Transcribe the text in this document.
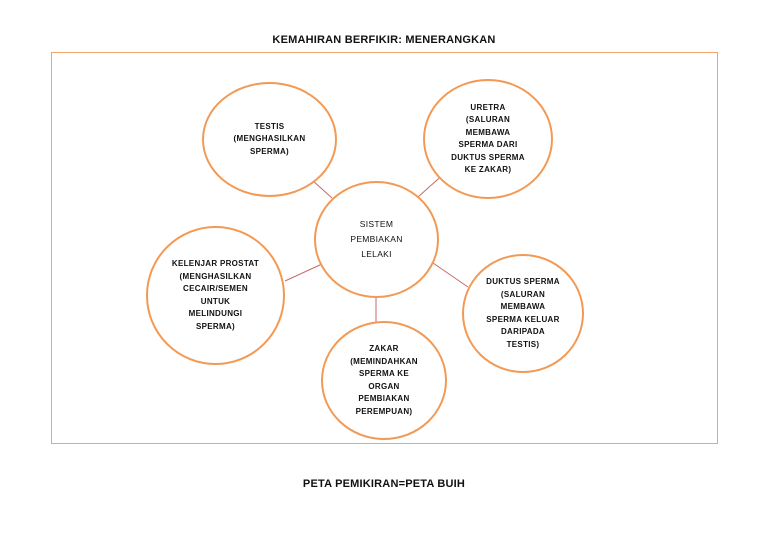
KEMAHIRAN BERFIKIR: MENERANGKAN
SISTEM
PEMBIAKAN
LELAKI
TESTIS
(MENGHASILKAN
SPERMA)
URETRA
(SALURAN
MEMBAWA
SPERMA DARI
DUKTUS SPERMA
KE ZAKAR)
KELENJAR PROSTAT
(MENGHASILKAN
CECAIR/SEMEN
UNTUK
MELINDUNGI
SPERMA)
DUKTUS SPERMA
(SALURAN
MEMBAWA
SPERMA KELUAR
DARIPADA
TESTIS)
ZAKAR
(MEMINDAHKAN
SPERMA KE
ORGAN
PEMBIAKAN
PEREMPUAN)
PETA PEMIKIRAN=PETA BUIH
